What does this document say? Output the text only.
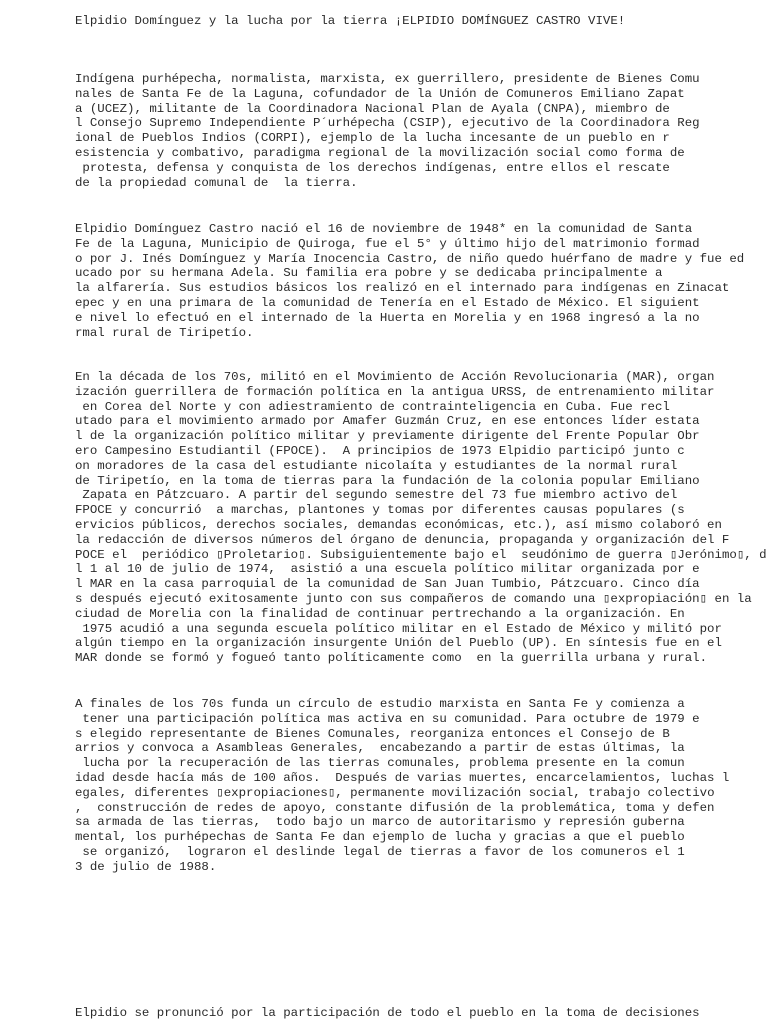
Elpidio Domínguez y la lucha por la tierra ¡ELPIDIO DOMÍNGUEZ CASTRO VIVE!

Indígena purhépecha, normalista, marxista, ex guerrillero, presidente de Bienes Comu

nales de Santa Fe de la Laguna, cofundador de la Unión de Comuneros Emiliano Zapat

a (UCEZ), militante de la Coordinadora Nacional Plan de Ayala (CNPA), miembro de

l Consejo Supremo Independiente P´urhépecha (CSIP), ejecutivo de la Coordinadora Reg

ional de Pueblos Indios (CORPI), ejemplo de la lucha incesante de un pueblo en r

esistencia y combativo, paradigma regional de la movilización social como forma de

protesta, defensa y conquista de los derechos indígenas, entre ellos el rescate

de la propiedad comunal de  la tierra.

Elpidio Domínguez Castro nació el 16 de noviembre de 1948* en la comunidad de Santa

Fe de la Laguna, Municipio de Quiroga, fue el 5° y último hijo del matrimonio formad

o por J. Inés Domínguez y María Inocencia Castro, de niño quedo huérfano de madre y fue ed

ucado por su hermana Adela. Su familia era pobre y se dedicaba principalmente a

la alfarería. Sus estudios básicos los realizó en el internado para indígenas en Zinacat

epec y en una primara de la comunidad de Tenería en el Estado de México. El siguient

e nivel lo efectuó en el internado de la Huerta en Morelia y en 1968 ingresó a la no

rmal rural de Tiripetío.

En la década de los 70s, militó en el Movimiento de Acción Revolucionaria (MAR), organ

ización guerrillera de formación política en la antigua URSS, de entrenamiento militar

en Corea del Norte y con adiestramiento de contrainteligencia en Cuba. Fue recl

utado para el movimiento armado por Amafer Guzmán Cruz, en ese entonces líder estata

l de la organización político militar y previamente dirigente del Frente Popular Obr

ero Campesino Estudiantil (FPOCE).  A principios de 1973 Elpidio participó junto c

on moradores de la casa del estudiante nicolaíta y estudiantes de la normal rural

de Tiripetío, en la toma de tierras para la fundación de la colonia popular Emiliano

Zapata en Pátzcuaro. A partir del segundo semestre del 73 fue miembro activo del

FPOCE y concurrió  a marchas, plantones y tomas por diferentes causas populares (s

ervicios públicos, derechos sociales, demandas económicas, etc.), así mismo colaboró en

la redacción de diversos números del órgano de denuncia, propaganda y organización del F

POCE el  periódico ▯Proletario▯. Subsiguientemente bajo el  seudónimo de guerra ▯Jerónimo▯, d

l 1 al 10 de julio de 1974,  asistió a una escuela político militar organizada por e

l MAR en la casa parroquial de la comunidad de San Juan Tumbio, Pátzcuaro. Cinco día

s después ejecutó exitosamente junto con sus compañeros de comando una ▯expropiación▯ en la

ciudad de Morelia con la finalidad de continuar pertrechando a la organización. En

1975 acudió a una segunda escuela político militar en el Estado de México y militó por

algún tiempo en la organización insurgente Unión del Pueblo (UP). En síntesis fue en el

MAR donde se formó y fogueó tanto políticamente como  en la guerrilla urbana y rural.

A finales de los 70s funda un círculo de estudio marxista en Santa Fe y comienza a

tener una participación política mas activa en su comunidad. Para octubre de 1979 e

s elegido representante de Bienes Comunales, reorganiza entonces el Consejo de B

arrios y convoca a Asambleas Generales,  encabezando a partir de estas últimas, la

lucha por la recuperación de las tierras comunales, problema presente en la comun

idad desde hacía más de 100 años.  Después de varias muertes, encarcelamientos, luchas l

egales, diferentes ▯expropiaciones▯, permanente movilización social, trabajo colectivo

,  construcción de redes de apoyo, constante difusión de la problemática, toma y defen

sa armada de las tierras,  todo bajo un marco de autoritarismo y represión guberna

mental, los purhépechas de Santa Fe dan ejemplo de lucha y gracias a que el pueblo

se organizó,  lograron el deslinde legal de tierras a favor de los comuneros el 1

3 de julio de 1988.

Elpidio se pronunció por la participación de todo el pueblo en la toma de decisiones
